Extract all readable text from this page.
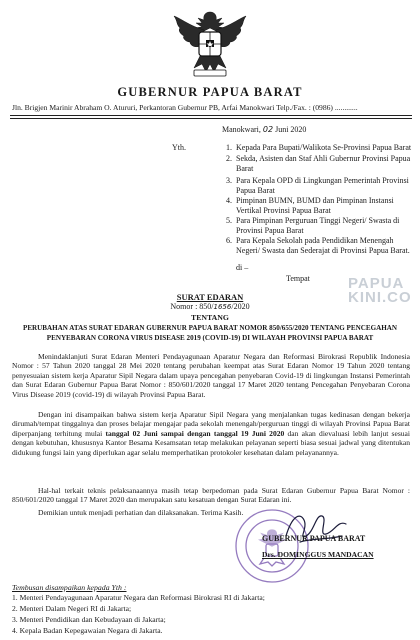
GUBERNUR PAPUA BARAT
Jln. Brigjen Marinir Abraham O. Atururi, Perkantoran Gubernur PB, Arfai Manokwari Telp./Fax. : (0986) ............
Manokwari, 02 Juni 2020
Yth.	1. Kepada Para Bupati/Walikota Se-Provinsi Papua Barat
2. Sekda, Asisten dan Staf Ahli Gubernur Provinsi Papua Barat
3. Para Kepala OPD di Lingkungan Pemerintah Provinsi Papua Barat
4. Pimpinan BUMN, BUMD dan Pimpinan Instansi Vertikal Provinsi Papua Barat
5. Para Pimpinan Perguruan Tinggi Negeri/ Swasta di Provinsi Papua Barat
6. Para Kepala Sekolah pada Pendidikan Menengah Negeri/ Swasta dan Sederajat di Provinsi Papua Barat.
di –
Tempat	PAPUA
KINI.CO
SURAT EDARAN
Nomor : 850/1656/2020
TENTANG
PERUBAHAN ATAS SURAT EDARAN GUBERNUR PAPUA BARAT NOMOR 850/655/2020 TENTANG PENCEGAHAN PENYEBARAN CORONA VIRUS DISEASE 2019 (COVID-19) DI WILAYAH PROVINSI PAPUA BARAT
Menindaklanjuti Surat Edaran Menteri Pendayagunaan Aparatur Negara dan Reformasi Birokrasi Republik Indonesia Nomor : 57 Tahun 2020 tanggal 28 Mei 2020 tentang perubahan keempat atas Surat Edaran Nomor 19 Tahun 2020 tentang penyesuaian sistem kerja Aparatur Sipil Negara dalam upaya pencegahan penyebaran Covid-19 di lingkungan Instansi Pemerintah dan Surat Edaran Gubernur Papua Barat Nomor : 850/601/2020 tanggal 17 Maret 2020 tentang Pencegahan Penyebaran Corona Virus Disease 2019 (covid-19) di wilayah Provinsi Papua Barat.
Dengan ini disampaikan bahwa sistem kerja Aparatur Sipil Negara yang menjalankan tugas kedinasan dengan bekerja dirumah/tempat tinggalnya dan proses belajar mengajar pada sekolah menengah/perguruan tinggi di wilayah Provinsi Papua Barat diperpanjang terhitung mulai tanggal 02 Juni sampai dengan tanggal 19 Juni 2020 dan akan dievaluasi lebih lanjut sesuai dengan kebutuhan, khususnya Kantor Besama Kesamsatan tetap melakukan pelayanan seperti biasa sesuai jadwal yang ditentukan didukung fungsi lain yang diperlukan agar selalu memperhatikan protokoler kesehatan dalam pelayanannya.
Hal-hal terkait teknis pelaksanaannya masih tetap berpedoman pada Surat Edaran Gubernur Papua Barat Nomor : 850/601/2020 tanggal 17 Maret 2020 dan merupakan satu kesatuan dengan Surat Edaran ini.
Demikian untuk menjadi perhatian dan dilaksanakan. Terima Kasih.
GUBERNUR PAPUA BARAT
Drs. DOMINGGUS MANDACAN
Tembusan disampaikan kepada Yth :
1. Menteri Pendayagunaan Aparatur Negara dan Reformasi Birokrasi RI di Jakarta;
2. Menteri Dalam Negeri RI di Jakarta;
3. Menteri Pendidikan dan Kebudayaan di Jakarta;
4. Kepala Badan Kepegawaian Negara di Jakarta.
